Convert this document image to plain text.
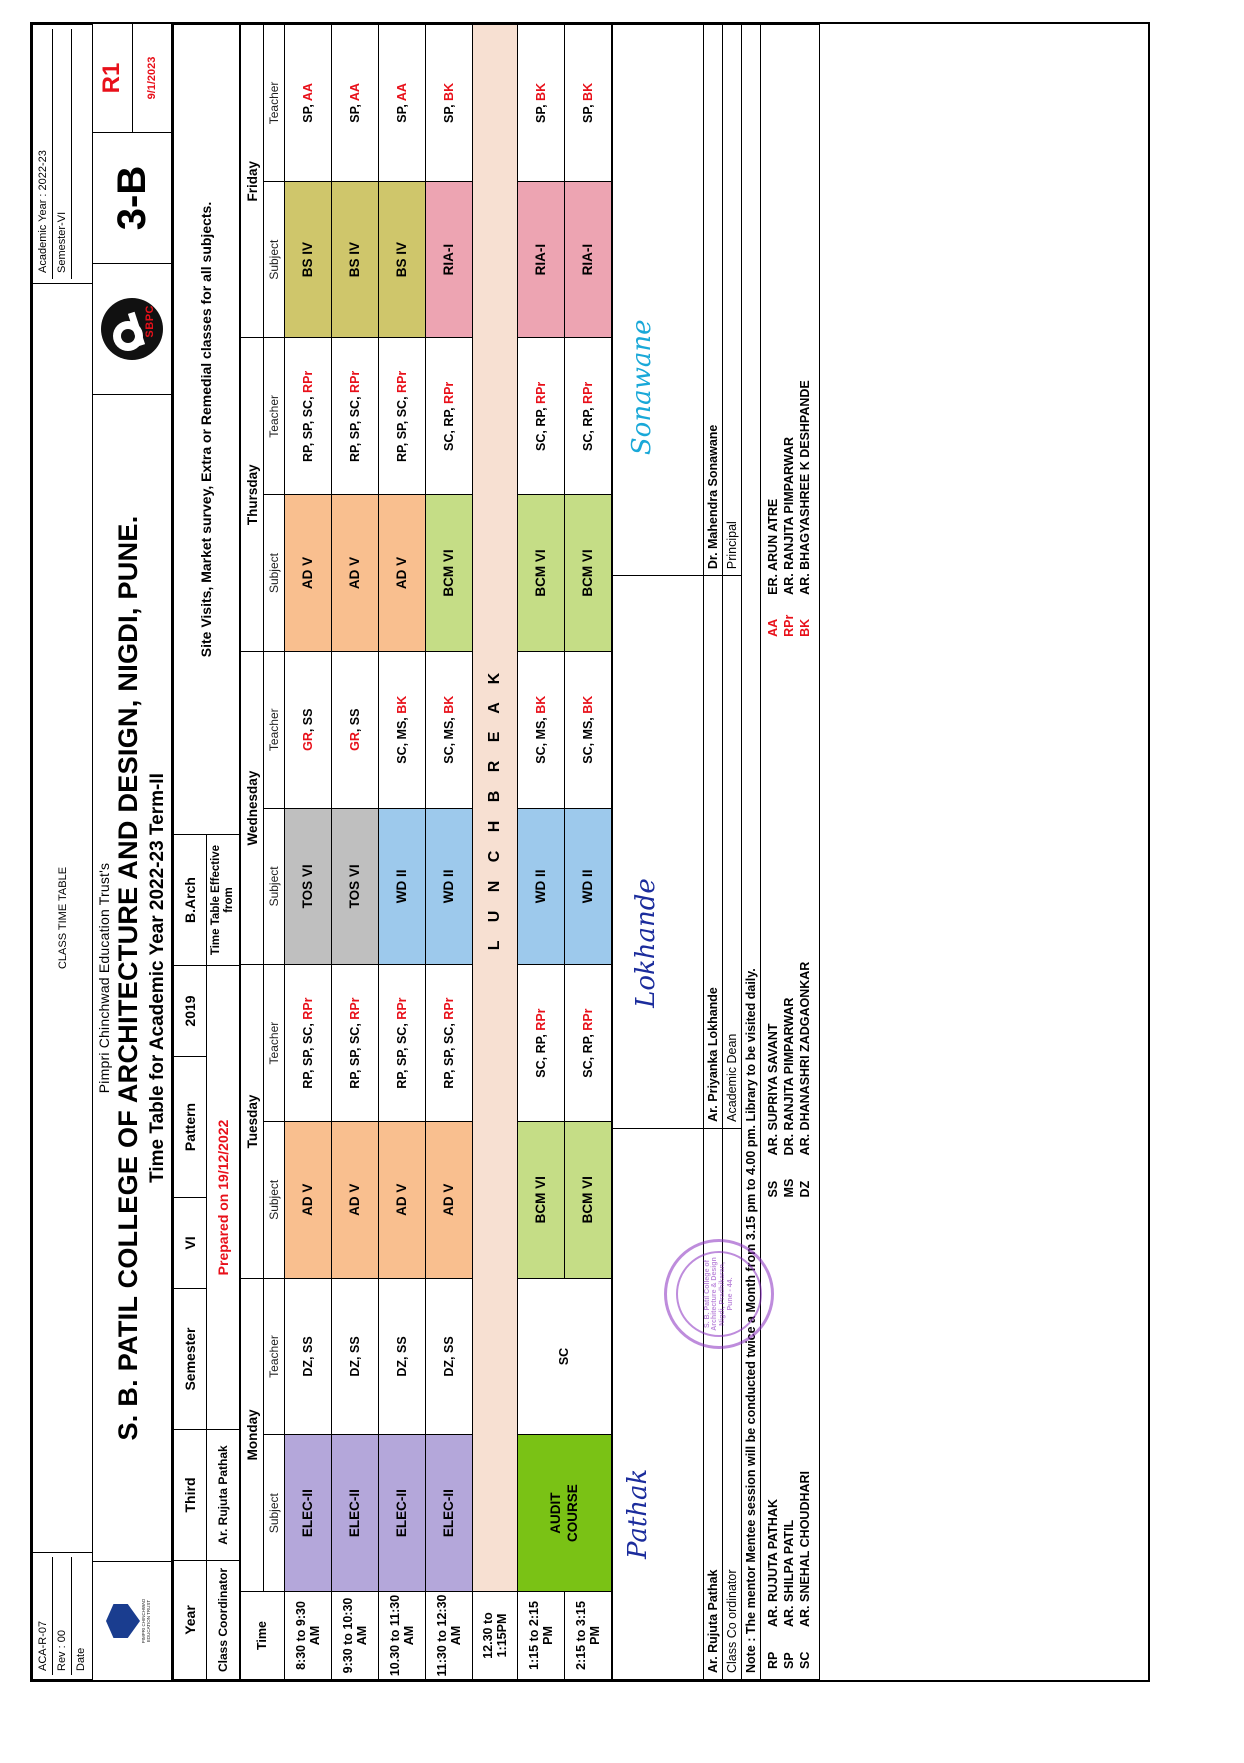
ACA-R-07 Rev : 00 Date
	CLASS TIME TABLE	
Academic Year : 2022-23 Semester-VI

PIMPRI CHINCHWAD
EDUCATION TRUST
Pimpri Chinchwad Education Trust's S. B. PATIL COLLEGE OF ARCHITECTURE AND DESIGN, NIGDI, PUNE. Time Table for Academic Year 2022-23 Term-II
SBPC
3-B
R1	9/1/2023
Year	Third	Semester	VI	Pattern	2019	B.Arch	Site Visits, Market survey, Extra or Remedial classes for all subjects.
Class Coordinator	Ar. Rujuta Pathak	Prepared on 19/12/2022				Time Table Effective from	
Time	Monday		Tuesday		Wednesday		Thursday		Friday	
	Subject	Teacher	Subject	Teacher	Subject	Teacher	Subject	Teacher	Subject	Teacher
8:30 to 9:30 AM	ELEC-II	DZ, SS	AD V	RP, SP, SC, RPr	TOS VI	GR, SS	AD V	RP, SP, SC, RPr	BS IV	SP, AA
9:30 to 10:30 AM	ELEC-II	DZ, SS	AD V	RP, SP, SC, RPr	TOS VI	GR, SS	AD V	RP, SP, SC, RPr	BS IV	SP, AA
10.30 to 11:30 AM	ELEC-II	DZ, SS	AD V	RP, SP, SC, RPr	WD II	SC, MS, BK	AD V	RP, SP, SC, RPr	BS IV	SP, AA
11:30 to 12:30 AM	ELEC-II	DZ, SS	AD V	RP, SP, SC, RPr	WD II	SC, MS, BK	BCM VI	SC, RP, RPr	RIA-I	SP, BK
12.30 to 1:15PM	L U N C H B R E A K									
1:15 to 2:15 PM	AUDIT
COURSE	SC	BCM VI	SC, RP, RPr	WD II	SC, MS, BK	BCM VI	SC, RP, RPr	RIA-I	SP, BK
2:15 to 3:15 PM			BCM VI	SC, RP, RPr	WD II	SC, MS, BK	BCM VI	SC, RP, RPr	RIA-I	SP, BK
Pathak

Lokhande

Sonawane

Ar. Rujuta Pathak	Ar. Priyanka Lokhande	Dr. Mahendra Sonawane
Class Co ordinator	Academic Dean	Principal
Note : The mentor Mentee session will be conducted twice a Month from 3.15 pm to 4.00 pm. Library to be visited daily.
S. B. Patil College of Architecture & Design Nigdi, Pradhikaran, Pune - 44.

RP	AR. RUJUTA PATHAK	SS	AR. SUPRIYA SAVANT	AA	ER. ARUN ATRE
SP	AR. SHILPA PATIL	MS	DR. RANJITA PIMPARWAR	RPr	AR. RANJITA PIMPARWAR
SC	AR. SNEHAL CHOUDHARI	DZ	AR. DHANASHRI ZADGAONKAR	BK	AR. BHAGYASHREE K DESHPANDE
